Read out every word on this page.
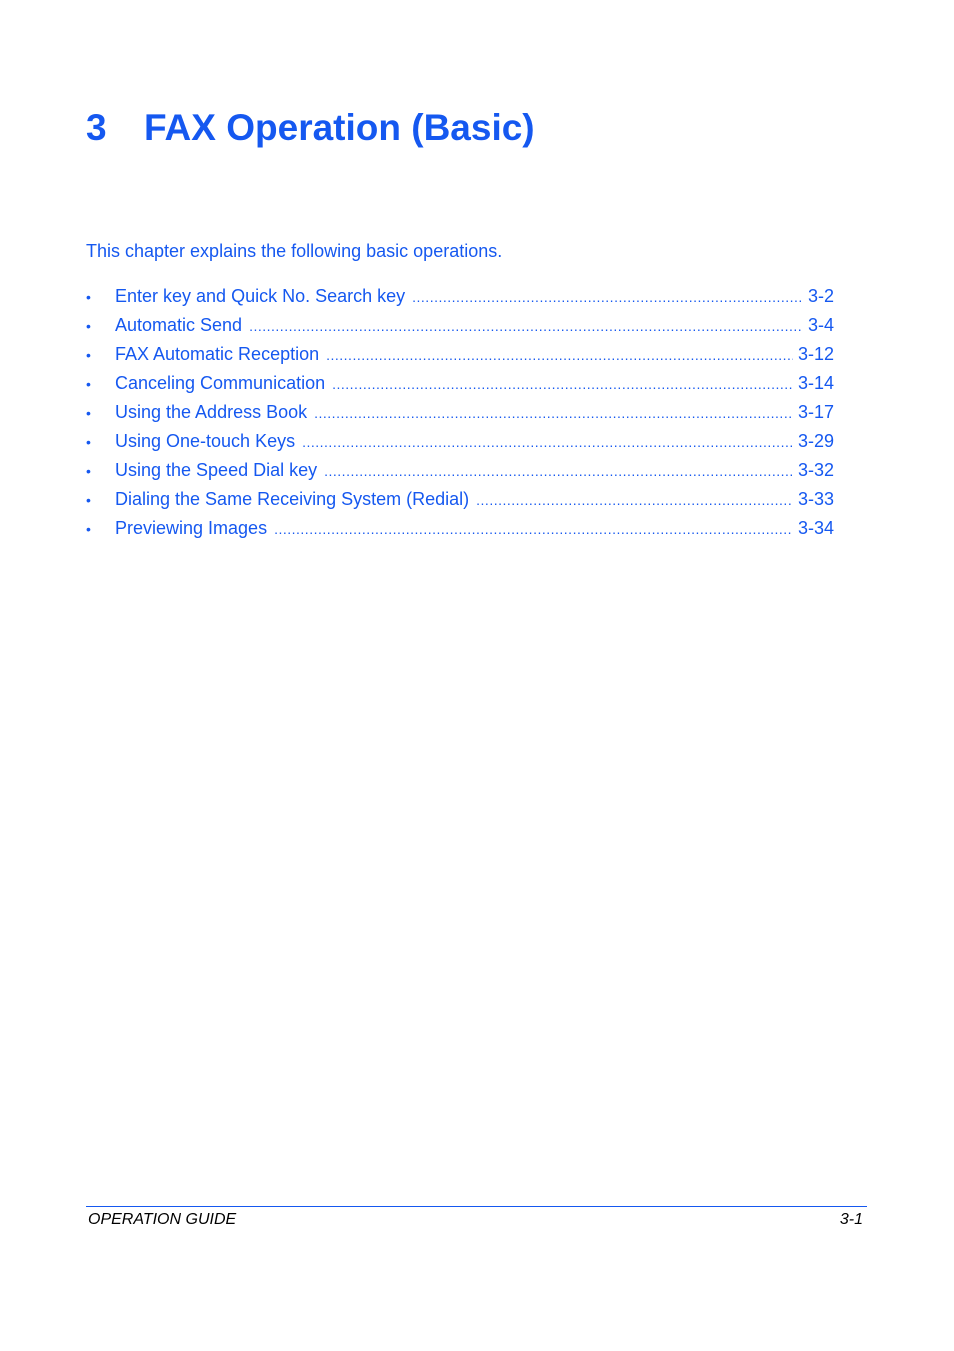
3 FAX Operation (Basic)

This chapter explains the following basic operations.

•	Enter key and Quick No. Search key .....	3-2
•	Automatic Send .....	3-4
•	FAX Automatic Reception .....	3-12
•	Canceling Communication .....	3-14
•	Using the Address Book .....	3-17
•	Using One-touch Keys .....	3-29
•	Using the Speed Dial key .....	3-32
•	Dialing the Same Receiving System (Redial) .....	3-33
•	Previewing Images .....	3-34
OPERATION GUIDE	3-1
